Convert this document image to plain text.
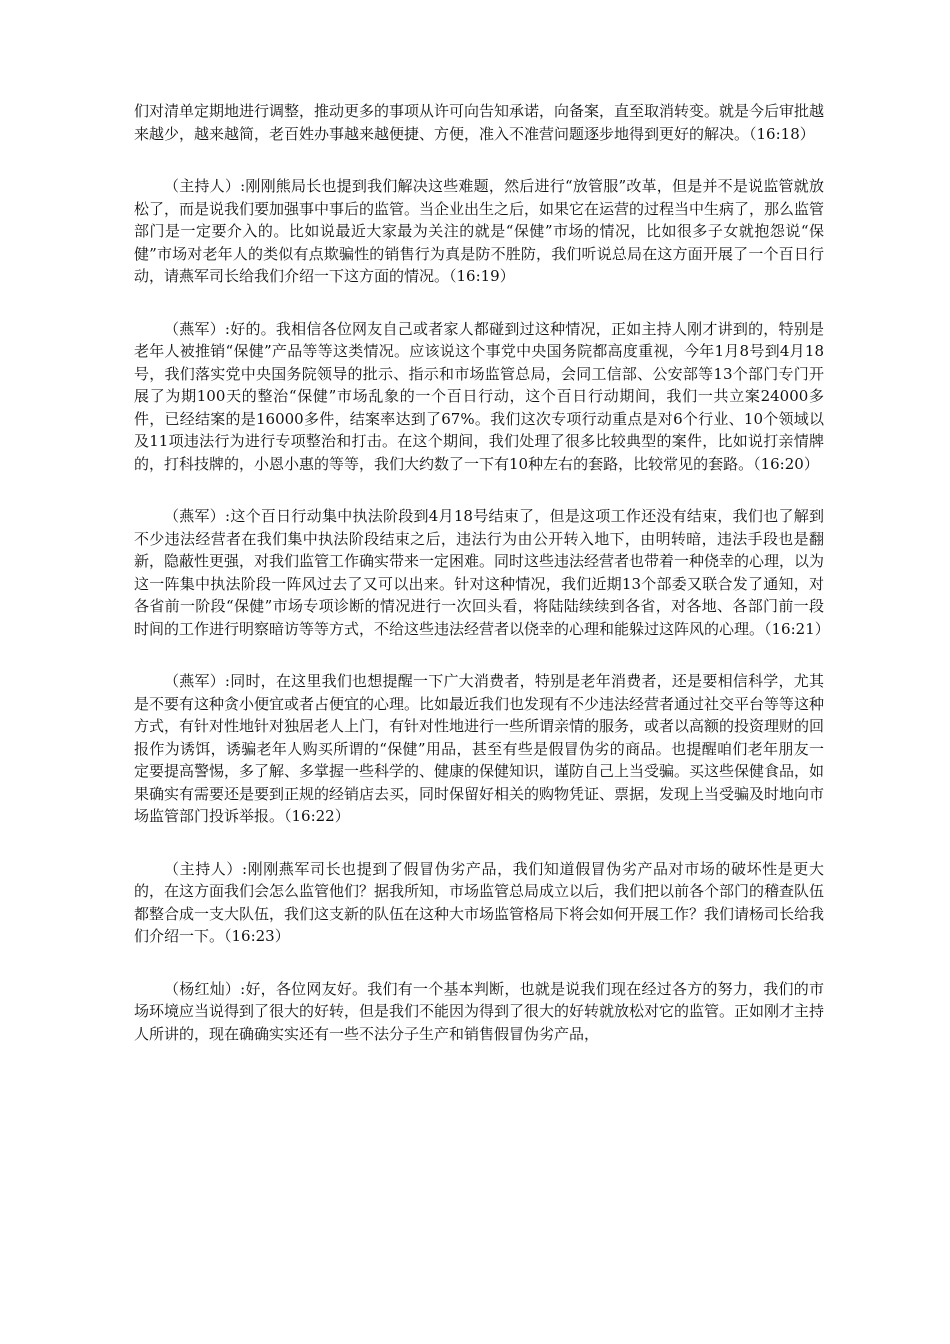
们对清单定期地进行调整，推动更多的事项从许可向告知承诺，向备案，直至取消转变。就是今后审批越来越少，越来越简，老百姓办事越来越便捷、方便，准入不准营问题逐步地得到更好的解决。（16:18）

（主持人）:刚刚熊局长也提到我们解决这些难题，然后进行“放管服”改革，但是并不是说监管就放松了，而是说我们要加强事中事后的监管。当企业出生之后，如果它在运营的过程当中生病了，那么监管部门是一定要介入的。比如说最近大家最为关注的就是“保健”市场的情况，比如很多子女就抱怨说“保健”市场对老年人的类似有点欺骗性的销售行为真是防不胜防，我们听说总局在这方面开展了一个百日行动，请燕军司长给我们介绍一下这方面的情况。（16:19）

（燕军）:好的。我相信各位网友自己或者家人都碰到过这种情况，正如主持人刚才讲到的，特别是老年人被推销“保健”产品等等这类情况。应该说这个事党中央国务院都高度重视，今年1月8号到4月18号，我们落实党中央国务院领导的批示、指示和市场监管总局，会同工信部、公安部等13个部门专门开展了为期100天的整治“保健”市场乱象的一个百日行动，这个百日行动期间，我们一共立案24000多件，已经结案的是16000多件，结案率达到了67%。我们这次专项行动重点是对6个行业、10个领域以及11项违法行为进行专项整治和打击。在这个期间，我们处理了很多比较典型的案件，比如说打亲情牌的，打科技牌的，小恩小惠的等等，我们大约数了一下有10种左右的套路，比较常见的套路。（16:20）

（燕军）:这个百日行动集中执法阶段到4月18号结束了，但是这项工作还没有结束，我们也了解到不少违法经营者在我们集中执法阶段结束之后，违法行为由公开转入地下，由明转暗，违法手段也是翻新，隐蔽性更强，对我们监管工作确实带来一定困难。同时这些违法经营者也带着一种侥幸的心理，以为这一阵集中执法阶段一阵风过去了又可以出来。针对这种情况，我们近期13个部委又联合发了通知，对各省前一阶段“保健”市场专项诊断的情况进行一次回头看，将陆陆续续到各省，对各地、各部门前一段时间的工作进行明察暗访等等方式，不给这些违法经营者以侥幸的心理和能躲过这阵风的心理。（16:21）

（燕军）:同时，在这里我们也想提醒一下广大消费者，特别是老年消费者，还是要相信科学，尤其是不要有这种贪小便宜或者占便宜的心理。比如最近我们也发现有不少违法经营者通过社交平台等等这种方式，有针对性地针对独居老人上门，有针对性地进行一些所谓亲情的服务，或者以高额的投资理财的回报作为诱饵，诱骗老年人购买所谓的“保健”用品，甚至有些是假冒伪劣的商品。也提醒咱们老年朋友一定要提高警惕，多了解、多掌握一些科学的、健康的保健知识，谨防自己上当受骗。买这些保健食品，如果确实有需要还是要到正规的经销店去买，同时保留好相关的购物凭证、票据，发现上当受骗及时地向市场监管部门投诉举报。（16:22）

（主持人）:刚刚燕军司长也提到了假冒伪劣产品，我们知道假冒伪劣产品对市场的破坏性是更大的，在这方面我们会怎么监管他们？据我所知，市场监管总局成立以后，我们把以前各个部门的稽查队伍都整合成一支大队伍，我们这支新的队伍在这种大市场监管格局下将会如何开展工作？我们请杨司长给我们介绍一下。（16:23）

（杨红灿）:好，各位网友好。我们有一个基本判断，也就是说我们现在经过各方的努力，我们的市场环境应当说得到了很大的好转，但是我们不能因为得到了很大的好转就放松对它的监管。正如刚才主持人所讲的，现在确确实实还有一些不法分子生产和销售假冒伪劣产品，
